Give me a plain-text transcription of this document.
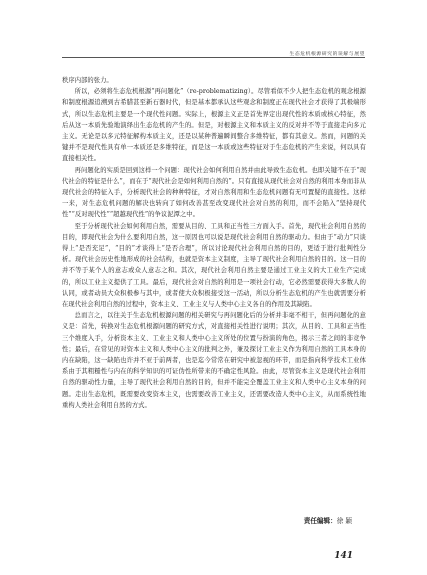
生态危机根源研究的误解与展望

秩序内部的张力。

所以，必须将生态危机根源“再问题化”（re-problematizing）。尽管看似不少人把生态危机的观念根源和制度根源追溯到古希腊甚至新石器时代，但是基本都承认这些观念和制度正在现代社会才获得了其极端形式，所以生态危机主要是一个现代性问题。实际上，根源主义正是首先界定出现代性的本质或核心特征，然后从这一本质先验地演绎出生态危机的产生的。但是，对根源主义和本质主义的反对并不等于直接走向多元主义。无论是以多元特征解构本质主义，还是以某种普遍瞬间整合多维特征，都有其意义。然而，问题的关键并不是现代性具有单一本质还是多维特征，而是这一本质或这些特征对于生态危机的产生来说，何以具有直接相关性。

再问题化的实质是回到这样一个问题：现代社会如何利用自然并由此导致生态危机。也即关键不在于“现代社会的特征是什么”，而在于“现代社会是如何利用自然的”。只有直接从现代社会对自然的利用本身而非从现代社会的特征入手，分析现代社会的种种特征，才对自然利用和生态危机问题有无可置疑的直接性。这样一来，对生态危机问题的解决也转向了如何改善甚至改变现代社会对自然的利用，而不会陷入“坚持现代性”“反对现代性”“超越现代性”的争议泥潭之中。

至于分析现代社会如何利用自然，需要从目的、工具和正当性三方面入手。首先，现代社会利用自然的目的，即现代社会为什么要利用自然，这一原因也可以说是现代社会利用自然的驱动力。但由于“动力”只谈得上“是否充足”，“目的”才谈得上“是否合理”，所以讨论现代社会利用自然的目的，更适于进行批判性分析。现代社会历史性地形成的社会结构，也就是资本主义制度，主导了现代社会利用自然的目的。这一目的并不等于某个人的意志或众人意志之和。其次，现代社会利用自然主要是通过工业主义的大工业生产完成的，所以工业主义提供了工具。最后，现代社会对自然的利用是一项社会行动，它必然需要获得大多数人的认同，或者动员大众积极参与其中，或者使大众积极接受这一活动，所以分析生态危机的产生也就需要分析在现代社会利用自然的过程中，资本主义、工业主义与人类中心主义各自的作用及其缺陷。

总而言之，以往关于生态危机根源问题的相关研究与再问题化后的分析并非毫不相干，但再问题化的意义是：首先，转换对生态危机根源问题的研究方式，对直接相关性进行说明；其次，从目的、工具和正当性三个维度入手，分析资本主义、工业主义和人类中心主义所处的位置与扮演的角色，揭示三者之间的非竞争性；最后，在常见的对资本主义和人类中心主义的批判之外，兼及探讨工业主义作为利用自然的工具本身的内在缺陷，这一缺陷也许并不亚于前两者，也是迄今常常在研究中被忽视的环节，而是指向科学技术工业体系由于其粗糙性与内在的科学知识的可证伪性所带来的不确定性风险。由此，尽管资本主义是现代社会利用自然的驱动性力量，主导了现代社会利用自然的目的，但并不能完全覆盖工业主义和人类中心主义本身的问题。走出生态危机，既需要改变资本主义，也需要改善工业主义，还需要改造人类中心主义，从而系统性地重构人类社会利用自然的方式。

责任编辑：徐 颖
141
